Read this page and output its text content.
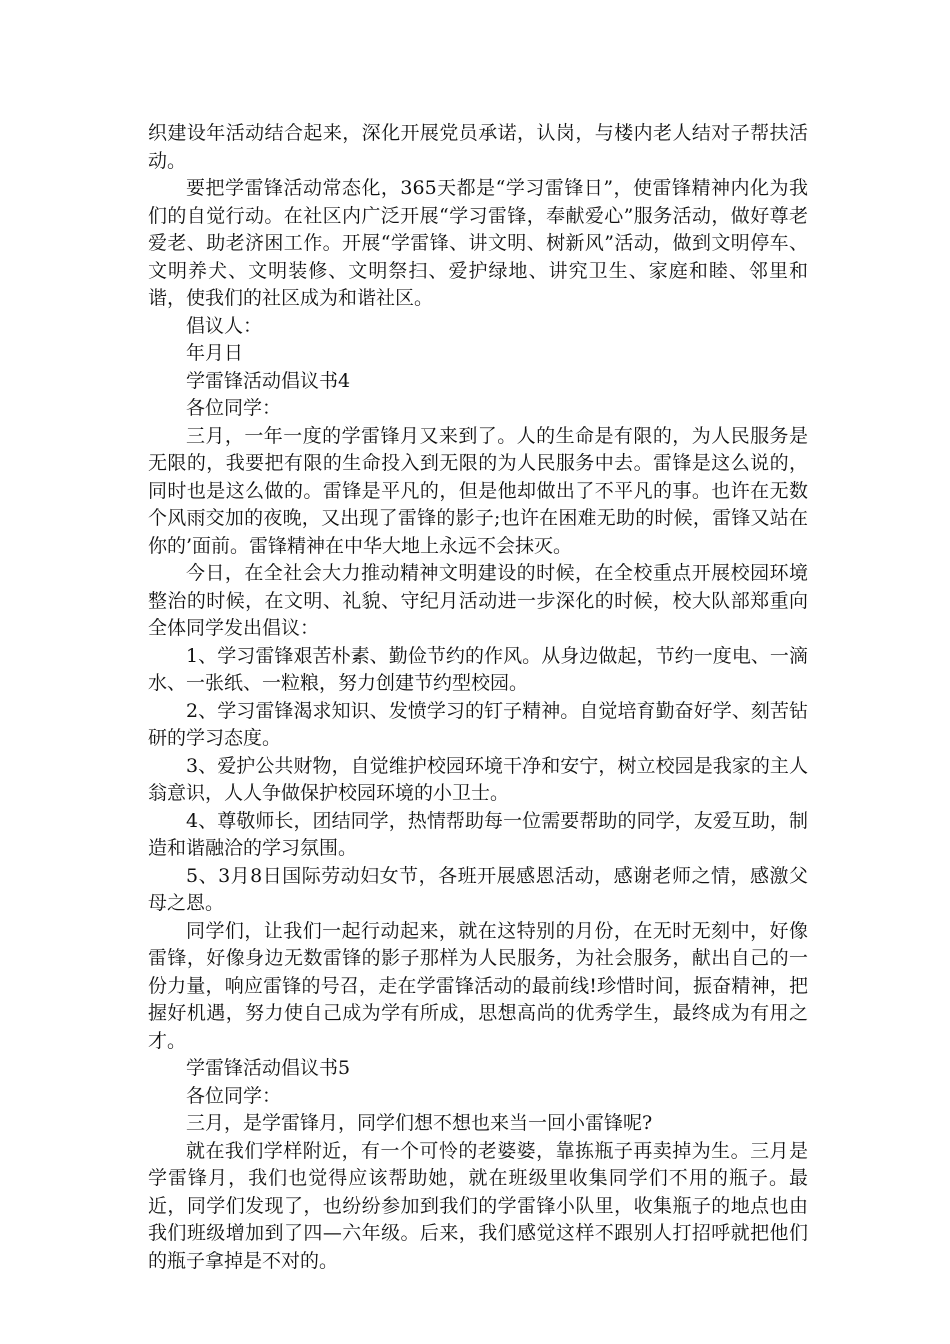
织建设年活动结合起来，深化开展党员承诺，认岗，与楼内老人结对子帮扶活动。

要把学雷锋活动常态化，365天都是“学习雷锋日”，使雷锋精神内化为我们的自觉行动。在社区内广泛开展“学习雷锋，奉献爱心”服务活动，做好尊老爱老、助老济困工作。开展“学雷锋、讲文明、树新风”活动，做到文明停车、文明养犬、文明装修、文明祭扫、爱护绿地、讲究卫生、家庭和睦、邻里和谐，使我们的社区成为和谐社区。

倡议人：

年月日

学雷锋活动倡议书4

各位同学：

三月，一年一度的学雷锋月又来到了。人的生命是有限的，为人民服务是无限的，我要把有限的生命投入到无限的为人民服务中去。雷锋是这么说的，同时也是这么做的。雷锋是平凡的，但是他却做出了不平凡的事。也许在无数个风雨交加的夜晚，又出现了雷锋的影子;也许在困难无助的时候，雷锋又站在你的’面前。雷锋精神在中华大地上永远不会抹灭。

今日，在全社会大力推动精神文明建设的时候，在全校重点开展校园环境整治的时候，在文明、礼貌、守纪月活动进一步深化的时候，校大队部郑重向全体同学发出倡议：

1、学习雷锋艰苦朴素、勤俭节约的作风。从身边做起，节约一度电、一滴水、一张纸、一粒粮，努力创建节约型校园。

2、学习雷锋渴求知识、发愤学习的钉子精神。自觉培育勤奋好学、刻苦钻研的学习态度。

3、爱护公共财物，自觉维护校园环境干净和安宁，树立校园是我家的主人翁意识，人人争做保护校园环境的小卫士。

4、尊敬师长，团结同学，热情帮助每一位需要帮助的同学，友爱互助，制造和谐融洽的学习氛围。

5、3月8日国际劳动妇女节，各班开展感恩活动，感谢老师之情，感激父母之恩。

同学们，让我们一起行动起来，就在这特别的月份，在无时无刻中，好像雷锋，好像身边无数雷锋的影子那样为人民服务，为社会服务，献出自己的一份力量，响应雷锋的号召，走在学雷锋活动的最前线!珍惜时间，振奋精神，把握好机遇，努力使自己成为学有所成，思想高尚的优秀学生，最终成为有用之才。

学雷锋活动倡议书5

各位同学：

三月，是学雷锋月，同学们想不想也来当一回小雷锋呢?

就在我们学样附近，有一个可怜的老婆婆，靠拣瓶子再卖掉为生。三月是学雷锋月，我们也觉得应该帮助她，就在班级里收集同学们不用的瓶子。最近，同学们发现了，也纷纷参加到我们的学雷锋小队里，收集瓶子的地点也由我们班级增加到了四—六年级。后来，我们感觉这样不跟别人打招呼就把他们的瓶子拿掉是不对的。
